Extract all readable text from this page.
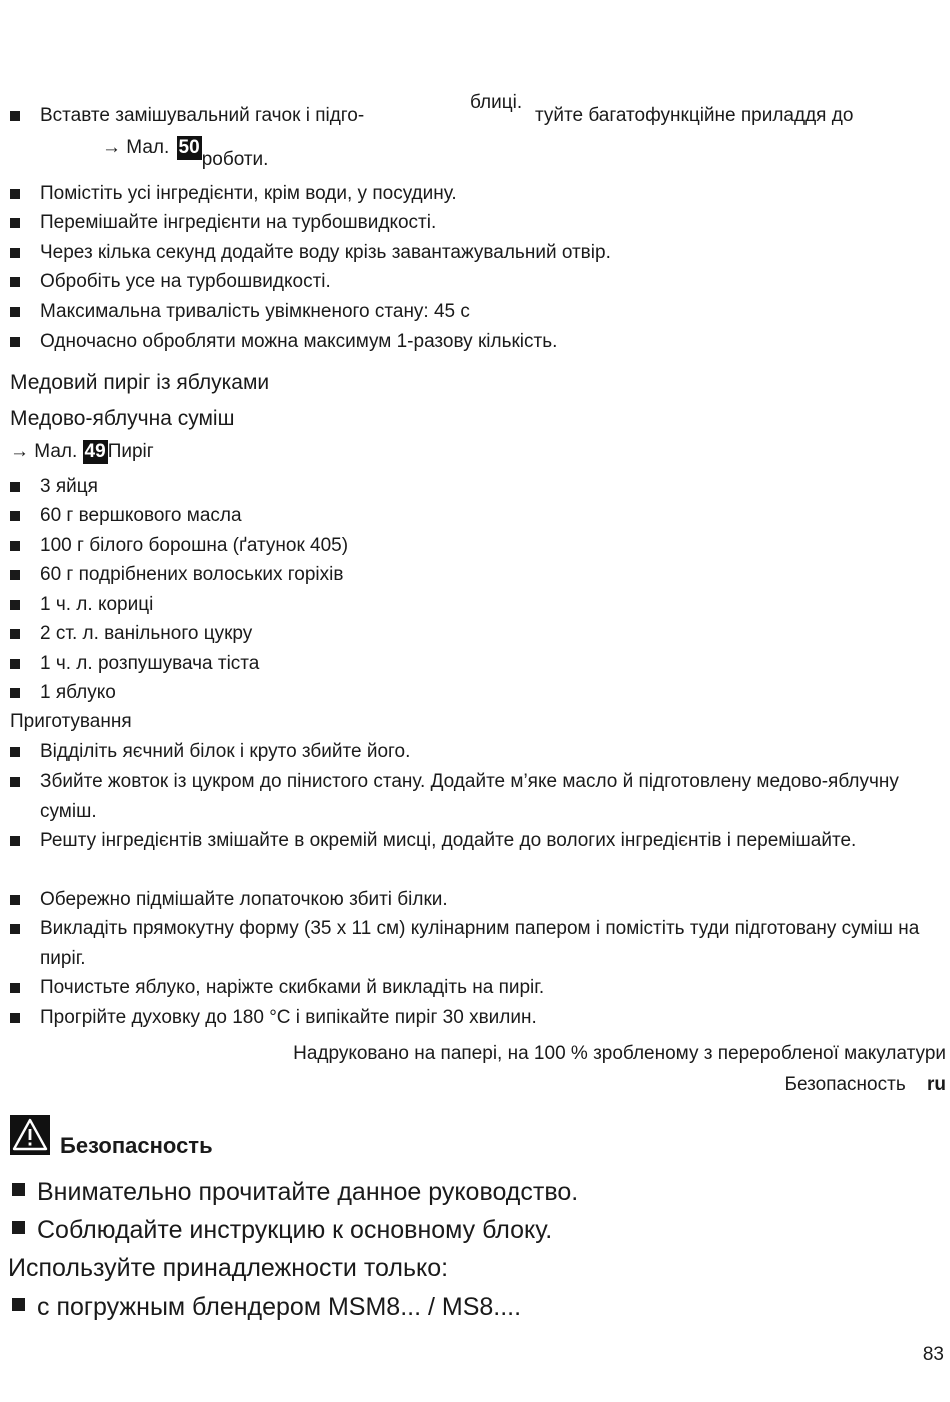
Вставте замішувальний гачок і підго-
→ Мал. 50роботи.
блиці.
туйте багатофункційне приладдя до
Помістіть усі інгредієнти, крім води, у посудину.
Перемішайте інгредієнти на турбошвидкості.
Через кілька секунд додайте воду крізь завантажувальний отвір.
Обробіть усе на турбошвидкості.
Максимальна тривалість увімкненого стану: 45 с
Одночасно обробляти можна максимум 1-разову кількість.
Медовий пиріг із яблуками
Медово-яблучна суміш
→ Мал. 49 Пиріг
3 яйця
60 г вершкового масла
100 г білого борошна (ґатунок 405)
60 г подрібнених волоських горіхів
1 ч. л. кориці
2 ст. л. ванільного цукру
1 ч. л. розпушувача тіста
1 яблуко
Приготування
Відділіть яєчний білок і круто збийте його.
Збийте жовток із цукром до пінистого стану. Додайте м’яке масло й підготовлену медово-яблучну суміш.
Решту інгредієнтів змішайте в окремій мисці, додайте до вологих інгредієнтів і перемішайте.
Обережно підмішайте лопаточкою збиті білки.
Викладіть прямокутну форму (35 х 11 см) кулінарним папером і помістіть туди підготовану суміш на пиріг.
Почистьте яблуко, наріжте скибками й викладіть на пиріг.
Прогрійте духовку до 180 °С і випікайте пиріг 30 хвилин.
Надруковано на папері, на 100 % зробленому з переробленої макулатури
Безопасность ru
Безопасность
Внимательно прочитайте данное руководство.
Соблюдайте инструкцию к основному блоку.
Используйте принадлежности только:
с погружным блендером MSM8... / MS8....
83
